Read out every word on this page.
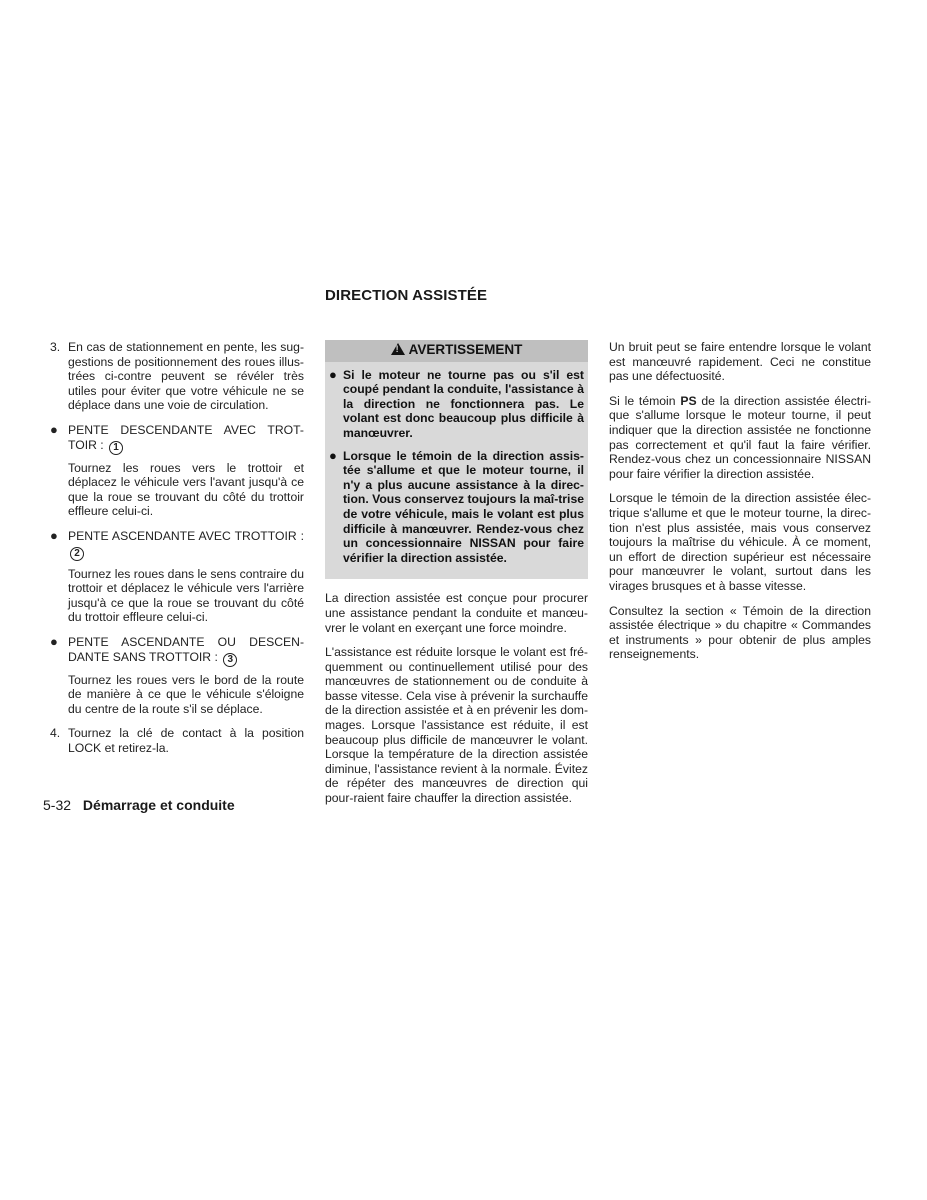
DIRECTION ASSISTÉE
3. En cas de stationnement en pente, les sug-gestions de positionnement des roues illus-trées ci-contre peuvent se révéler très utiles pour éviter que votre véhicule ne se déplace dans une voie de circulation.
● PENTE DESCENDANTE AVEC TROT-TOIR : 1

Tournez les roues vers le trottoir et déplacez le véhicule vers l'avant jusqu'à ce que la roue se trouvant du côté du trottoir effleure celui-ci.

● PENTE ASCENDANTE AVEC TROTTOIR : 2

Tournez les roues dans le sens contraire du trottoir et déplacez le véhicule vers l'arrière jusqu'à ce que la roue se trouvant du côté du trottoir effleure celui-ci.

● PENTE ASCENDANTE OU DESCEN-DANTE SANS TROTTOIR : 3

Tournez les roues vers le bord de la route de manière à ce que le véhicule s'éloigne du centre de la route s'il se déplace.

4. Tournez la clé de contact à la position LOCK et retirez-la.
!AVERTISSEMENT
● Si le moteur ne tourne pas ou s'il est coupé pendant la conduite, l'assistance à la direction ne fonctionnera pas. Le volant est donc beaucoup plus difficile à manœuvrer.
● Lorsque le témoin de la direction assis-tée s'allume et que le moteur tourne, il n'y a plus aucune assistance à la direc-tion. Vous conservez toujours la maî-trise de votre véhicule, mais le volant est plus difficile à manœuvrer. Rendez-vous chez un concessionnaire NISSAN pour faire vérifier la direction assistée.

La direction assistée est conçue pour procurer une assistance pendant la conduite et manœu-vrer le volant en exerçant une force moindre.

L'assistance est réduite lorsque le volant est fré-quemment ou continuellement utilisé pour des manœuvres de stationnement ou de conduite à basse vitesse. Cela vise à prévenir la surchauffe de la direction assistée et à en prévenir les dom-mages. Lorsque l'assistance est réduite, il est beaucoup plus difficile de manœuvrer le volant. Lorsque la température de la direction assistée diminue, l'assistance revient à la normale. Évitez de répéter des manœuvres de direction qui pour-raient faire chauffer la direction assistée.

Un bruit peut se faire entendre lorsque le volant est manœuvré rapidement. Ceci ne constitue pas une défectuosité.

Si le témoin PS de la direction assistée électri-que s'allume lorsque le moteur tourne, il peut indiquer que la direction assistée ne fonctionne pas correctement et qu'il faut la faire vérifier. Rendez-vous chez un concessionnaire NISSAN pour faire vérifier la direction assistée.

Lorsque le témoin de la direction assistée élec-trique s'allume et que le moteur tourne, la direc-tion n'est plus assistée, mais vous conservez toujours la maîtrise du véhicule. À ce moment, un effort de direction supérieur est nécessaire pour manœuvrer le volant, surtout dans les virages brusques et à basse vitesse.

Consultez la section « Témoin de la direction assistée électrique » du chapitre « Commandes et instruments » pour obtenir de plus amples renseignements.

5-32 Démarrage et conduite
